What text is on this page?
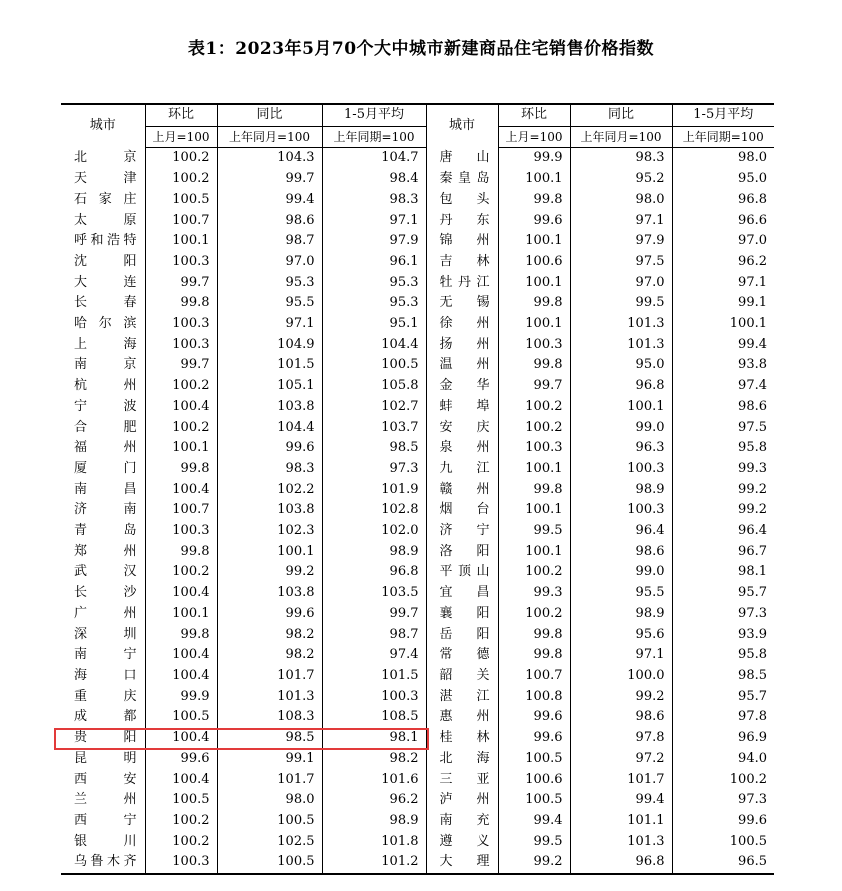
表1：2023年5月70个大中城市新建商品住宅销售价格指数
城市	环比	同比	1-5月平均	城市	环比	同比	1-5月平均
	上月=100	上年同月=100	上年同期=100		上月=100	上年同月=100	上年同期=100
北京	100.2	104.3	104.7	唐山	99.9	98.3	98.0
天津	100.2	99.7	98.4	秦皇岛	100.1	95.2	95.0
石家庄	100.5	99.4	98.3	包头	99.8	98.0	96.8
太原	100.7	98.6	97.1	丹东	99.6	97.1	96.6
呼和浩特	100.1	98.7	97.9	锦州	100.1	97.9	97.0
沈阳	100.3	97.0	96.1	吉林	100.6	97.5	96.2
大连	99.7	95.3	95.3	牡丹江	100.1	97.0	97.1
长春	99.8	95.5	95.3	无锡	99.8	99.5	99.1
哈尔滨	100.3	97.1	95.1	徐州	100.1	101.3	100.1
上海	100.3	104.9	104.4	扬州	100.3	101.3	99.4
南京	99.7	101.5	100.5	温州	99.8	95.0	93.8
杭州	100.2	105.1	105.8	金华	99.7	96.8	97.4
宁波	100.4	103.8	102.7	蚌埠	100.2	100.1	98.6
合肥	100.2	104.4	103.7	安庆	100.2	99.0	97.5
福州	100.1	99.6	98.5	泉州	100.3	96.3	95.8
厦门	99.8	98.3	97.3	九江	100.1	100.3	99.3
南昌	100.4	102.2	101.9	赣州	99.8	98.9	99.2
济南	100.7	103.8	102.8	烟台	100.1	100.3	99.2
青岛	100.3	102.3	102.0	济宁	99.5	96.4	96.4
郑州	99.8	100.1	98.9	洛阳	100.1	98.6	96.7
武汉	100.2	99.2	96.8	平顶山	100.2	99.0	98.1
长沙	100.4	103.8	103.5	宜昌	99.3	95.5	95.7
广州	100.1	99.6	99.7	襄阳	100.2	98.9	97.3
深圳	99.8	98.2	98.7	岳阳	99.8	95.6	93.9
南宁	100.4	98.2	97.4	常德	99.8	97.1	95.8
海口	100.4	101.7	101.5	韶关	100.7	100.0	98.5
重庆	99.9	101.3	100.3	湛江	100.8	99.2	95.7
成都	100.5	108.3	108.5	惠州	99.6	98.6	97.8
贵阳	100.4	98.5	98.1	桂林	99.6	97.8	96.9
昆明	99.6	99.1	98.2	北海	100.5	97.2	94.0
西安	100.4	101.7	101.6	三亚	100.6	101.7	100.2
兰州	100.5	98.0	96.2	泸州	100.5	99.4	97.3
西宁	100.2	100.5	98.9	南充	99.4	101.1	99.6
银川	100.2	102.5	101.8	遵义	99.5	101.3	100.5
乌鲁木齐	100.3	100.5	101.2	大理	99.2	96.8	96.5
